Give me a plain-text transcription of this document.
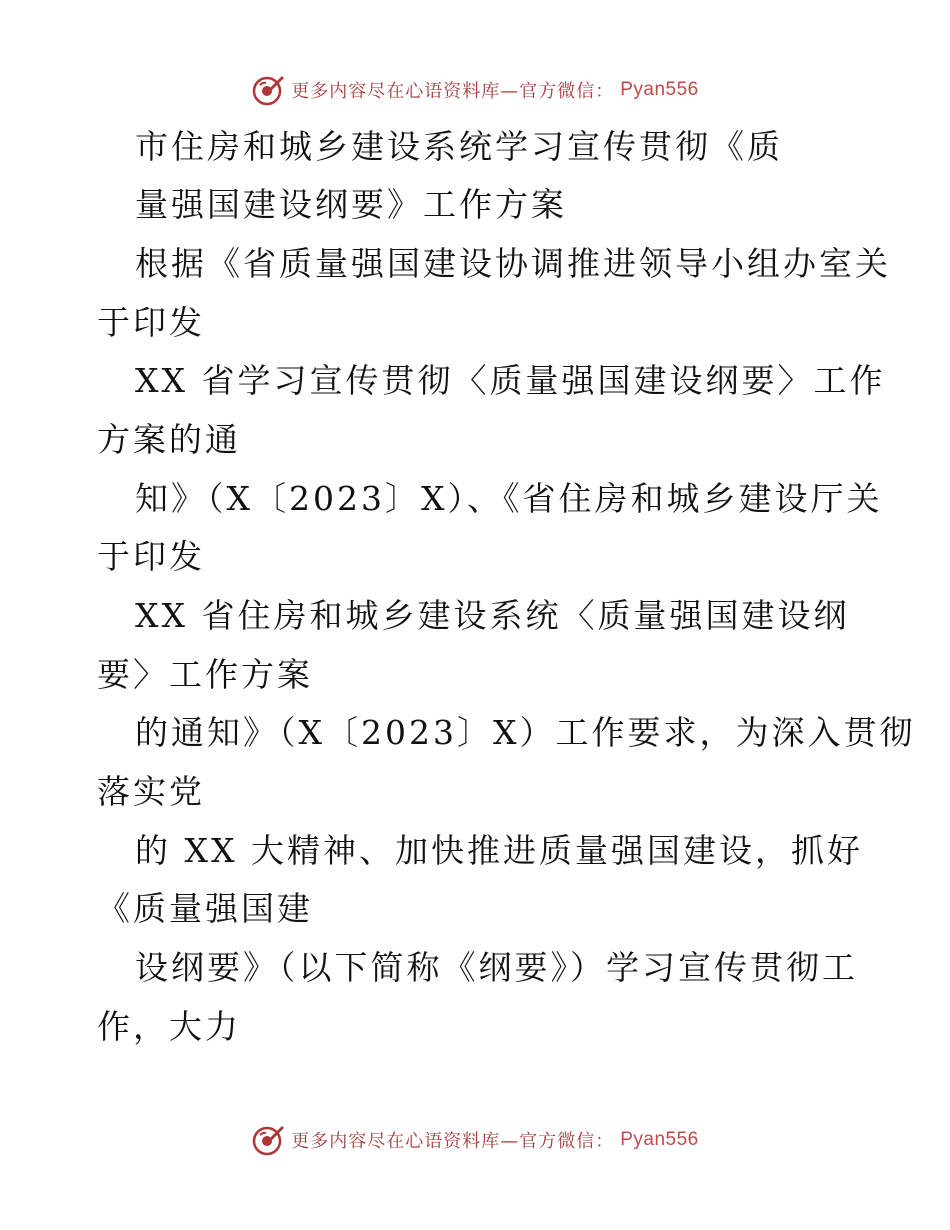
更多内容尽在心语资料库—官方微信： Pyan556
市住房和城乡建设系统学习宣传贯彻《质
量强国建设纲要》工作方案
根据《省质量强国建设协调推进领导小组办室关
于印发
XX 省学习宣传贯彻〈质量强国建设纲要〉工作
方案的通
知》（X〔2023〕X）、《省住房和城乡建设厅关
于印发
XX 省住房和城乡建设系统〈质量强国建设纲
要〉工作方案
的通知》（X〔2023〕X）工作要求，为深入贯彻
落实党
的 XX 大精神、加快推进质量强国建设，抓好
《质量强国建
设纲要》（以下简称《纲要》）学习宣传贯彻工
作，大力
更多内容尽在心语资料库—官方微信： Pyan556
